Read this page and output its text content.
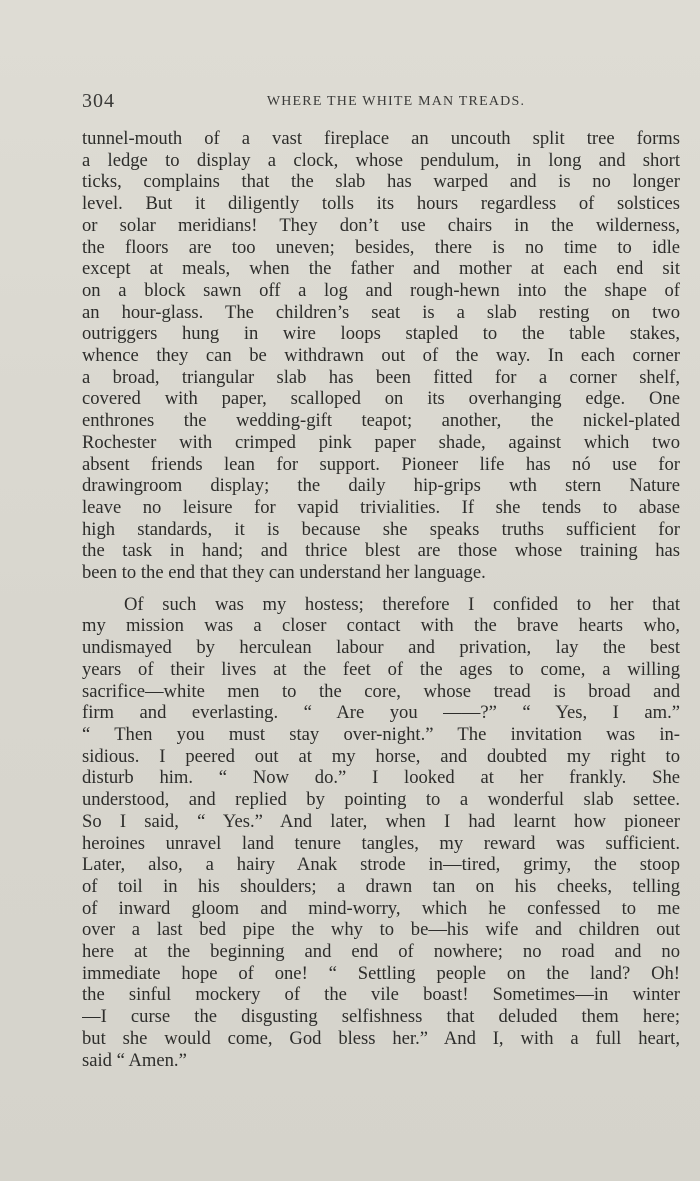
304	WHERE THE WHITE MAN TREADS.
tunnel-mouth of a vast fireplace an uncouth split tree forms
a ledge to display a clock, whose pendulum, in long and short
ticks, complains that the slab has warped and is no longer
level. But it diligently tolls its hours regardless of solstices
or solar meridians! They don’t use chairs in the wilderness,
the floors are too uneven; besides, there is no time to idle
except at meals, when the father and mother at each end sit
on a block sawn off a log and rough-hewn into the shape of
an hour-glass. The children’s seat is a slab resting on two
outriggers hung in wire loops stapled to the table stakes,
whence they can be withdrawn out of the way. In each corner
a broad, triangular slab has been fitted for a corner shelf,
covered with paper, scalloped on its overhanging edge. One
enthrones the wedding-gift teapot; another, the nickel-plated
Rochester with crimped pink paper shade, against which two
absent friends lean for support. Pioneer life has nó use for
drawingroom display; the daily hip-grips wth stern Nature
leave no leisure for vapid trivialities. If she tends to abase
high standards, it is because she speaks truths sufficient for
the task in hand; and thrice blest are those whose training has
been to the end that they can understand her language.
Of such was my hostess; therefore I confided to her that
my mission was a closer contact with the brave hearts who,
undismayed by herculean labour and privation, lay the best
years of their lives at the feet of the ages to come, a willing
sacrifice—white men to the core, whose tread is broad and
firm and everlasting. “ Are you ——?” “ Yes, I am.”
“ Then you must stay over-night.” The invitation was in-
sidious. I peered out at my horse, and doubted my right to
disturb him. “ Now do.” I looked at her frankly. She
understood, and replied by pointing to a wonderful slab settee.
So I said, “ Yes.” And later, when I had learnt how pioneer
heroines unravel land tenure tangles, my reward was sufficient.
Later, also, a hairy Anak strode in—tired, grimy, the stoop
of toil in his shoulders; a drawn tan on his cheeks, telling
of inward gloom and mind-worry, which he confessed to me
over a last bed pipe the why to be—his wife and children out
here at the beginning and end of nowhere; no road and no
immediate hope of one! “ Settling people on the land? Oh!
the sinful mockery of the vile boast! Sometimes—in winter
—I curse the disgusting selfishness that deluded them here;
but she would come, God bless her.” And I, with a full heart,
said “ Amen.”
